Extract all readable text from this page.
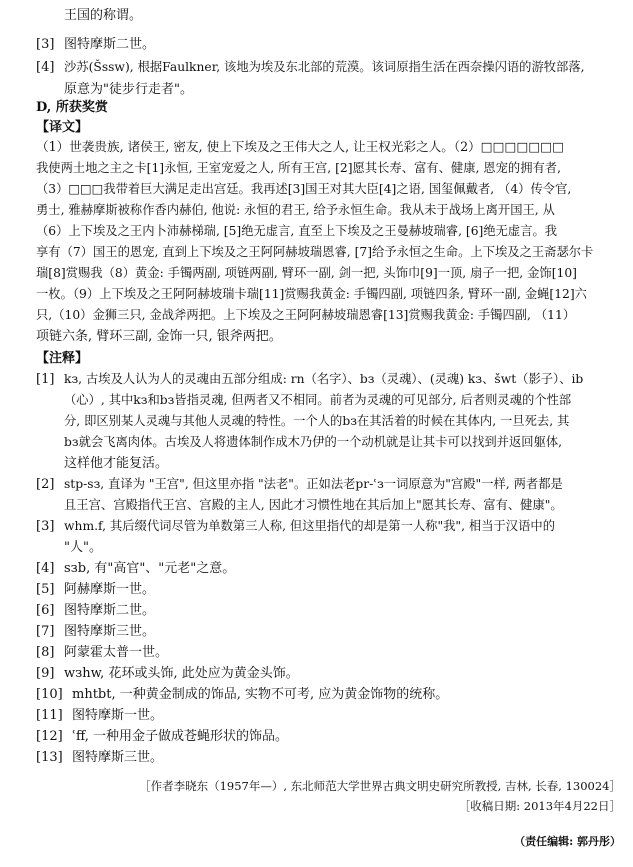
王国的称谓。
[3] 图特摩斯二世。
[4] 沙苏(Šssw), 根据Faulkner, 该地为埃及东北部的荒漠。该词原指生活在西奈操闪语的游牧部落,
原意为"徒步行走者"。
D, 所获奖赏
【译文】
（1）世袭贵族, 诸侯王, 密友, 使上下埃及之王伟大之人, 让王权光彩之人。（2）□□□□□□□
我使两土地之主之卡[1]永恒, 王室宠爱之人, 所有王宫, [2]愿其长寿、富有、健康, 恩宠的拥有者,
（3）□□□我带着巨大满足走出宫廷。我再述[3]国王对其大臣[4]之语, 国玺佩戴者, （4）传令官,
勇士, 雅赫摩斯被称作香内赫伯, 他说: 永恒的君王, 给予永恒生命。我从未于战场上离开国王, 从
（6）上下埃及之王内卜沛赫梯瑞, [5]绝无虚言, 直至上下埃及之王曼赫坡瑞睿, [6]绝无虚言。我
享有（7）国王的恩宠, 直到上下埃及之王阿阿赫坡瑞恩睿, [7]给予永恒之生命。上下埃及之王斋瑟尔卡
瑞[8]赏赐我（8）黄金: 手镯两副, 项链两副, 臂环一副, 剑一把, 头饰巾[9]一顶, 扇子一把, 金饰[10]
一枚。（9）上下埃及之王阿阿赫坡瑞卡瑞[11]赏赐我黄金: 手镯四副, 项链四条, 臂环一副, 金蝇[12]六
只,（10）金狮三只, 金战斧两把。上下埃及之王阿阿赫坡瑞恩睿[13]赏赐我黄金: 手镯四副, （11）
项链六条, 臂环三副, 金饰一只, 银斧两把。
【注释】
[1] kз, 古埃及人认为人的灵魂由五部分组成: rn（名字）、bз（灵魂）、(灵魂) kз、šwt（影子）、ib
（心）, 其中kз和bз皆指灵魂, 但两者又不相同。前者为灵魂的可见部分, 后者则灵魂的个性部
分, 即区别某人灵魂与其他人灵魂的特性。一个人的bз在其活着的时候在其体内, 一旦死去, 其
bз就会飞离肉体。古埃及人将遗体制作成木乃伊的一个动机就是让其卡可以找到并返回躯体,
这样他才能复活。
[2] stp-sз, 直译为 "王宫", 但这里亦指 "法老"。正如法老pr-ʿз一词原意为"宫殿"一样, 两者都是
且王宫、宫殿指代王宫、宫殿的主人, 因此才习惯性地在其后加上"愿其长寿、富有、健康"。
[3] whm.f, 其后缀代词尽管为单数第三人称, 但这里指代的却是第一人称"我", 相当于汉语中的
"人"。
[4] sзb, 有"高官"、"元老"之意。
[5] 阿赫摩斯一世。
[6] 图特摩斯二世。
[7] 图特摩斯三世。
[8] 阿蒙霍太普一世。
[9] wзhw, 花环或头饰, 此处应为黄金头饰。
[10] mhtbt, 一种黄金制成的饰品, 实物不可考, 应为黄金饰物的统称。
[11] 图特摩斯一世。
[12] ʿff, 一种用金子做成苍蝇形状的饰品。
[13] 图特摩斯三世。
［作者李晓东（1957年—）, 东北师范大学世界古典文明史研究所教授, 吉林, 长春, 130024］
［收稿日期: 2013年4月22日］
（责任编辑: 郭丹彤）
